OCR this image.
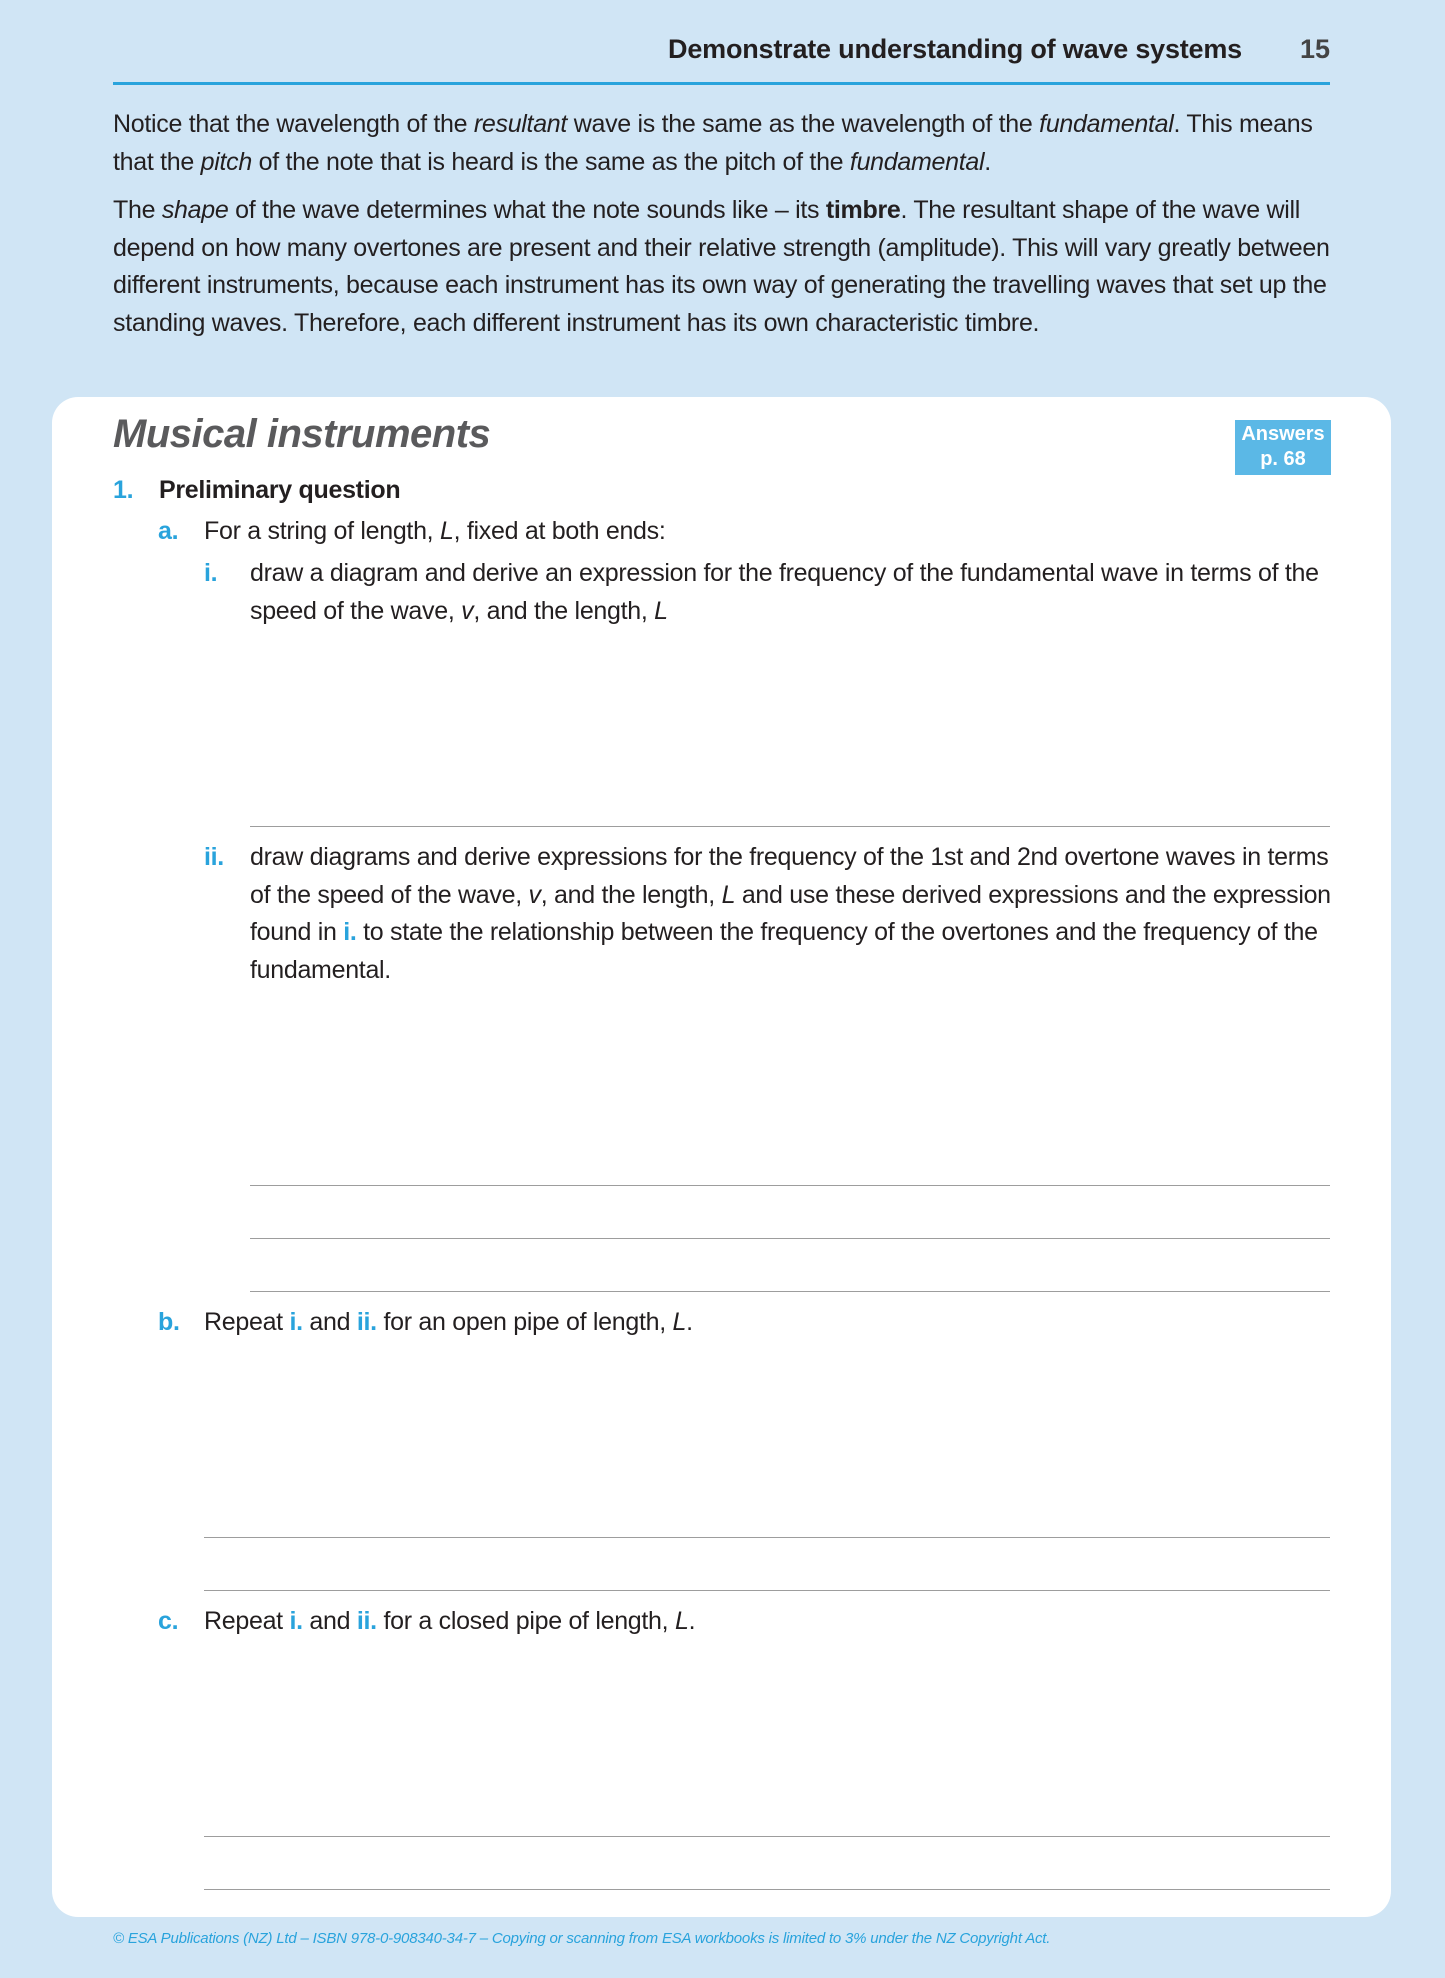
Demonstrate understanding of wave systems 15

Notice that the wavelength of the resultant wave is the same as the wavelength of the fundamental. This means that the pitch of the note that is heard is the same as the pitch of the fundamental.

The shape of the wave determines what the note sounds like – its timbre. The resultant shape of the wave will depend on how many overtones are present and their relative strength (amplitude). This will vary greatly between different instruments, because each instrument has its own way of generating the travelling waves that set up the standing waves. Therefore, each different instrument has its own characteristic timbre.

Musical instruments	Answers
p. 68
1. Preliminary question
a. For a string of length, L, fixed at both ends:
i. draw a diagram and derive an expression for the frequency of the fundamental wave in terms of the speed of the wave, v, and the length, L
ii. draw diagrams and derive expressions for the frequency of the 1st and 2nd overtone waves in terms of the speed of the wave, v, and the length, L and use these derived expressions and the expression found in i. to state the relationship between the frequency of the overtones and the frequency of the fundamental.
b. Repeat i. and ii. for an open pipe of length, L.
c. Repeat i. and ii. for a closed pipe of length, L.
© ESA Publications (NZ) Ltd – ISBN 978-0-908340-34-7 – Copying or scanning from ESA workbooks is limited to 3% under the NZ Copyright Act.
